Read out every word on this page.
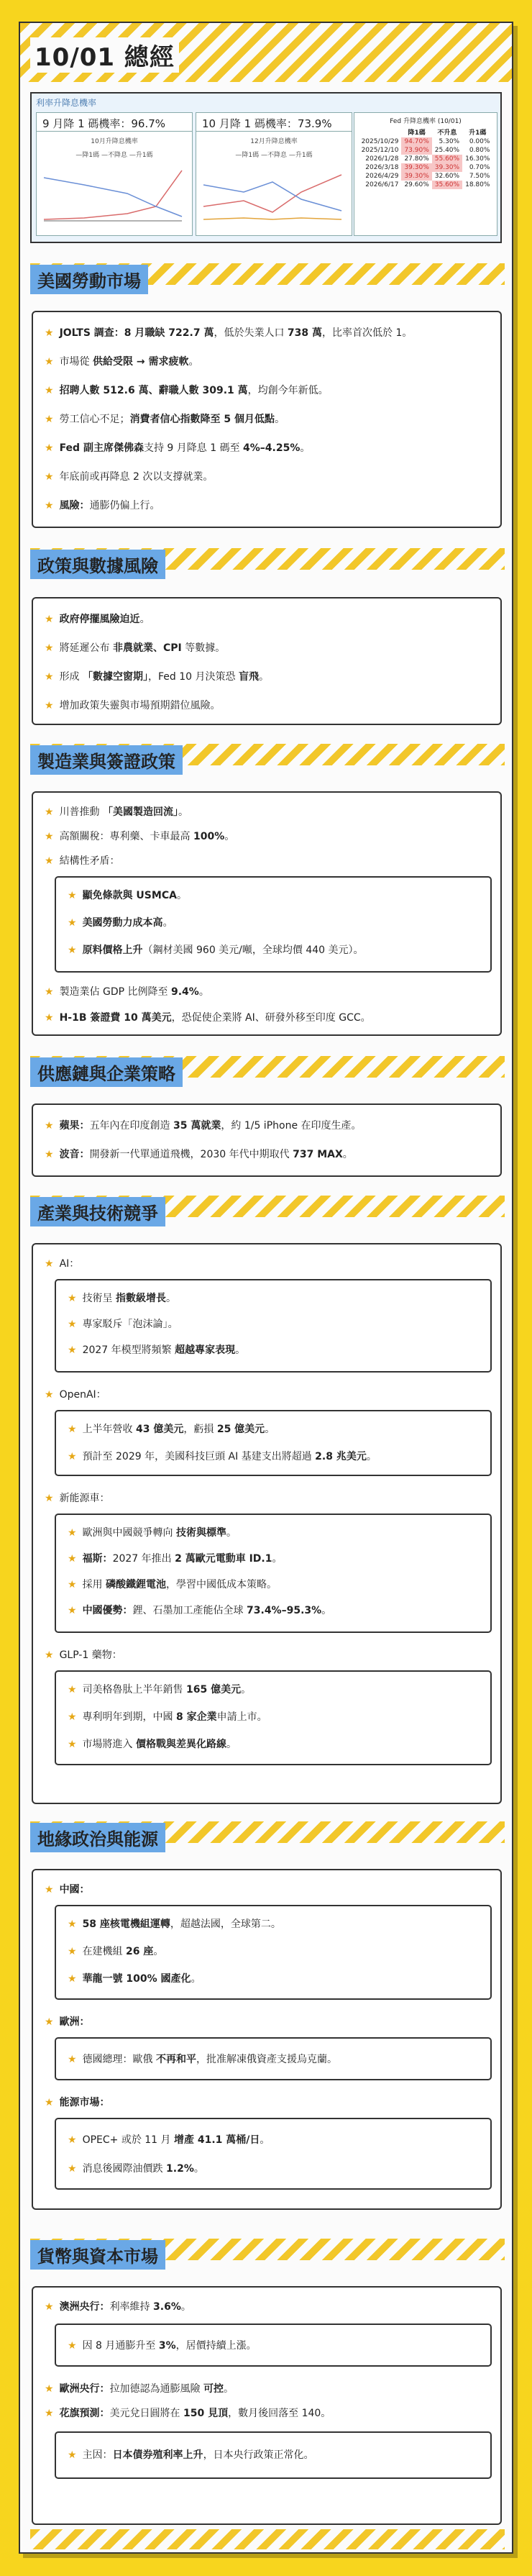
10/01 總經
利率升降息機率
9 月降 1 碼機率：96.7%
10月升降息機率
—降1碼 —不降息 —升1碼
10 月降 1 碼機率：73.9%
12月升降息機率
—降1碼 —不降息 —升1碼
Fed 升降息機率 (10/01)
	降1碼	不升息	升1碼
2025/10/29	94.70%	5.30%	0.00%
2025/12/10	73.90%	25.40%	0.80%
2026/1/28	27.80%	55.60%	16.30%
2026/3/18	39.30%	39.30%	0.70%
2026/4/29	39.30%	32.60%	7.50%
2026/6/17	29.60%	35.60%	18.80%
美國勞動市場
★ JOLTS 調查：8 月職缺 722.7 萬，低於失業人口 738 萬，比率首次低於 1。
★ 市場從 供給受限 → 需求疲軟。
★ 招聘人數 512.6 萬、辭職人數 309.1 萬，均創今年新低。
★ 勞工信心不足；消費者信心指數降至 5 個月低點。
★ Fed 副主席傑佛森支持 9 月降息 1 碼至 4%–4.25%。
★ 年底前或再降息 2 次以支撐就業。
★ 風險：通膨仍偏上行。
政策與數據風險
★ 政府停擺風險迫近。
★ 將延遲公布 非農就業、CPI 等數據。
★ 形成 「數據空窗期」，Fed 10 月決策恐 盲飛。
★ 增加政策失靈與市場預期錯位風險。
製造業與簽證政策
★ 川普推動 「美國製造回流」。
★ 高額關稅：專利藥、卡車最高 100%。
★ 結構性矛盾：
★ 顯免條款與 USMCA。
★ 美國勞動力成本高。
★ 原料價格上升（鋼材美國 960 美元/噸，全球均價 440 美元）。
★ 製造業佔 GDP 比例降至 9.4%。
★ H-1B 簽證費 10 萬美元，恐促使企業將 AI、研發外移至印度 GCC。
供應鏈與企業策略
★ 蘋果：五年內在印度創造 35 萬就業，約 1/5 iPhone 在印度生產。
★ 波音：開發新一代單通道飛機，2030 年代中期取代 737 MAX。
產業與技術競爭
★ AI：
★ 技術呈 指數級增長。
★ 專家駁斥「泡沫論」。
★ 2027 年模型將頻繁 超越專家表現。
★ OpenAI：
★ 上半年營收 43 億美元，虧損 25 億美元。
★ 預計至 2029 年，美國科技巨頭 AI 基建支出將超過 2.8 兆美元。
★ 新能源車：
★ 歐洲與中國競爭轉向 技術與標準。
★ 福斯：2027 年推出 2 萬歐元電動車 ID.1。
★ 採用 磷酸鐵鋰電池，學習中國低成本策略。
★ 中國優勢：鋰、石墨加工產能佔全球 73.4%–95.3%。
★ GLP-1 藥物：
★ 司美格魯肽上半年銷售 165 億美元。
★ 專利明年到期，中國 8 家企業申請上市。
★ 市場將進入 價格戰與差異化路線。
地緣政治與能源
★ 中國：
★ 58 座核電機組運轉，超越法國，全球第二。
★ 在建機組 26 座。
★ 華龍一號 100% 國產化。
★ 歐洲：
★ 德國總理：歐俄 不再和平，批准解凍俄資產支援烏克蘭。
★ 能源市場：
★ OPEC+ 或於 11 月 增產 41.1 萬桶/日。
★ 消息後國際油價跌 1.2%。
貨幣與資本市場
★ 澳洲央行：利率維持 3.6%。
★ 因 8 月通膨升至 3%，居價持續上漲。
★ 歐洲央行：拉加德認為通膨風險 可控。
★ 花旗預測：美元兌日圓將在 150 見頂，數月後回落至 140。
★ 主因：日本債券殖利率上升，日本央行政策正常化。
